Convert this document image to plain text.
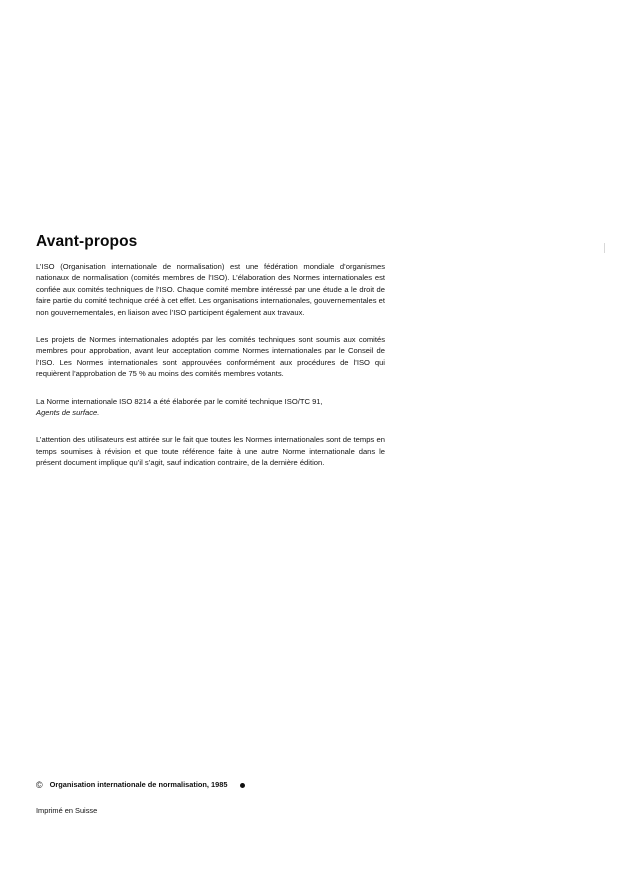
Avant-propos

L’ISO (Organisation internationale de normalisation) est une fédération mondiale d’organismes nationaux de normalisation (comités membres de l’ISO). L’élaboration des Normes internationales est confiée aux comités techniques de l’ISO. Chaque comité membre intéressé par une étude a le droit de faire partie du comité technique créé à cet effet. Les organisations internationales, gouvernementales et non gouvernementales, en liaison avec l’ISO participent également aux travaux.

Les projets de Normes internationales adoptés par les comités techniques sont soumis aux comités membres pour approbation, avant leur acceptation comme Normes internationales par le Conseil de l’ISO. Les Normes internationales sont approuvées conformément aux procédures de l’ISO qui requièrent l’approbation de 75 % au moins des comités membres votants.

La Norme internationale ISO 8214 a été élaborée par le comité technique ISO/TC 91,
Agents de surface.

L’attention des utilisateurs est attirée sur le fait que toutes les Normes internationales sont de temps en temps soumises à révision et que toute référence faite à une autre Norme internationale dans le présent document implique qu’il s’agit, sauf indication contraire, de la dernière édition.

© Organisation internationale de normalisation, 1985
Imprimé en Suisse
